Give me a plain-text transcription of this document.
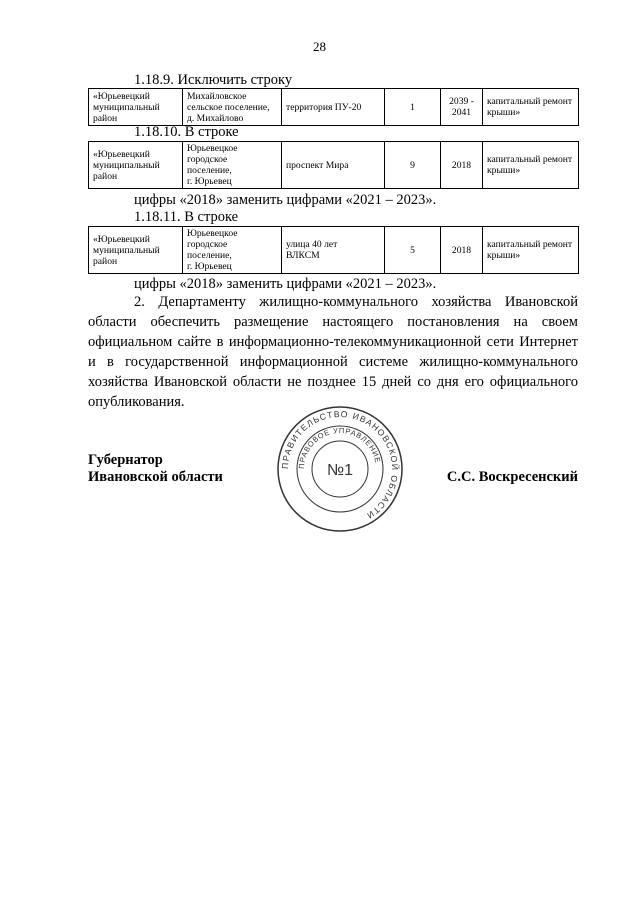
28
1.18.9. Исключить строку
«Юрьевецкий муниципальный район	Михайловское
сельское поселение,
д. Михайлово	территория ПУ-20	1	2039 -
2041	капитальный ремонт крыши»
1.18.10. В строке
«Юрьевецкий муниципальный район	Юрьевецкое
городское
поселение,
г. Юрьевец	проспект Мира	9	2018	капитальный ремонт крыши»
цифры «2018» заменить цифрами «2021 – 2023».
1.18.11. В строке
«Юрьевецкий муниципальный район	Юрьевецкое
городское
поселение,
г. Юрьевец	улица 40 лет
ВЛКСМ	5	2018	капитальный ремонт крыши»
цифры «2018» заменить цифрами «2021 – 2023».
2. Департаменту жилищно-коммунального хозяйства Ивановской области обеспечить размещение настоящего постановления на своем официальном сайте в информационно-телекоммуникационной сети Интернет и в государственной информационной системе жилищно-коммунального хозяйства Ивановской области не позднее 15 дней со дня его официального опубликования.
Губернатор
Ивановской области	С.С. Воскресенский
ПРАВИТЕЛЬСТВО ИВАНОВСКОЙ ОБЛАСТИ
ПРАВОВОЕ УПРАВЛЕНИЕ
№1
